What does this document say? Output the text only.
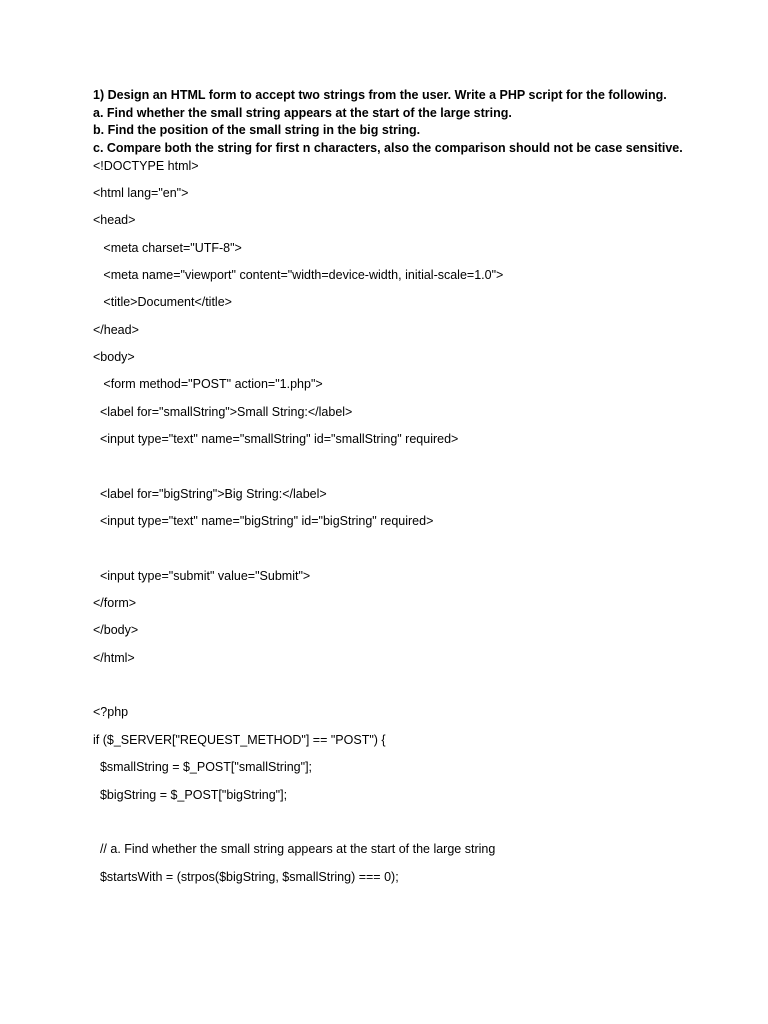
1) Design an HTML form to accept two strings from the user. Write a PHP script for the following.
a. Find whether the small string appears at the start of the large string.
b. Find the position of the small string in the big string.
c. Compare both the string for first n characters, also the comparison should not be case sensitive.
<!DOCTYPE html>
<html lang="en">
<head>
<meta charset="UTF-8">
<meta name="viewport" content="width=device-width, initial-scale=1.0">
<title>Document</title>
</head>
<body>
<form method="POST" action="1.php">
<label for="smallString">Small String:</label>
<input type="text" name="smallString" id="smallString" required>
<label for="bigString">Big String:</label>
<input type="text" name="bigString" id="bigString" required>
<input type="submit" value="Submit">
</form>
</body>
</html>
<?php
if ($_SERVER["REQUEST_METHOD"] == "POST") {
$smallString = $_POST["smallString"];
$bigString = $_POST["bigString"];
// a. Find whether the small string appears at the start of the large string
$startsWith = (strpos($bigString, $smallString) === 0);
